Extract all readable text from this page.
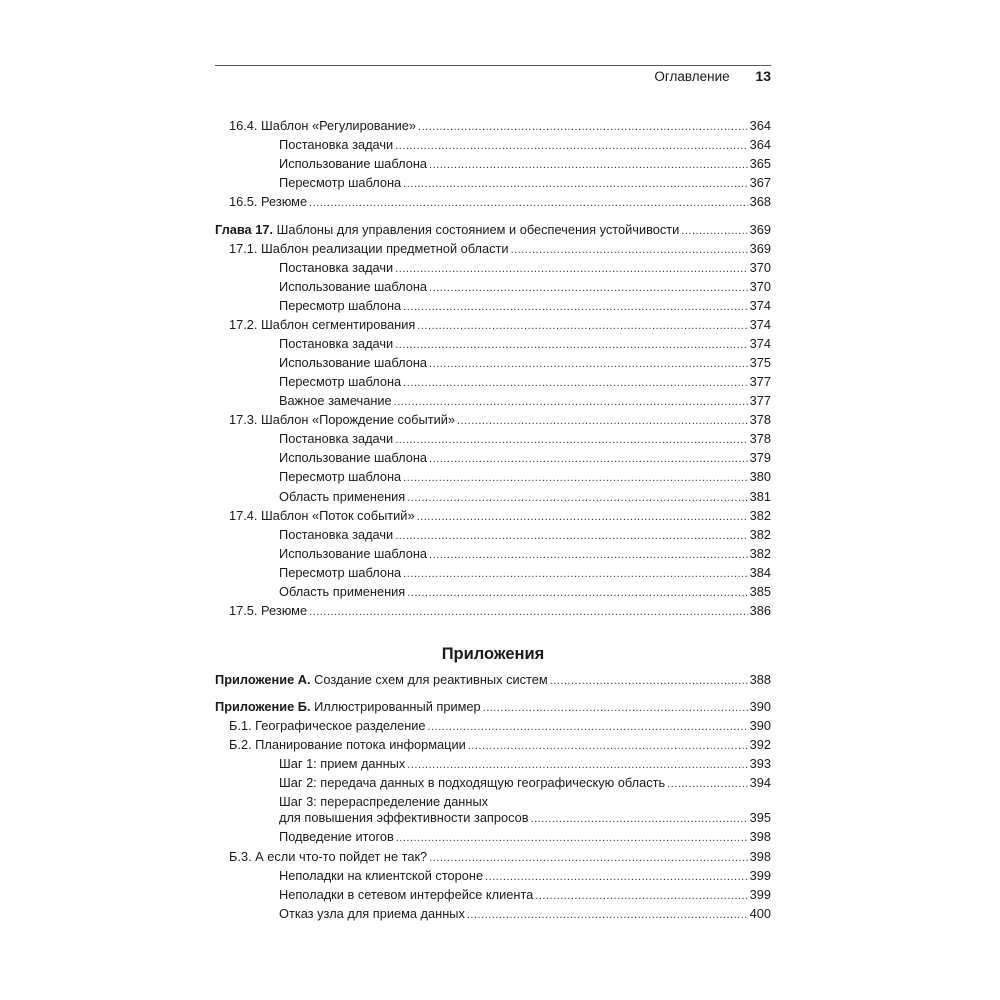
Оглавление 13
16.4. Шаблон «Регулирование» .....	364
Постановка задачи .....	364
Использование шаблона .....	365
Пересмотр шаблона .....	367
16.5. Резюме .....	368
Глава 17. Шаблоны для управления состоянием и обеспечения устойчивости .....	369
17.1. Шаблон реализации предметной области .....	369
Постановка задачи .....	370
Использование шаблона .....	370
Пересмотр шаблона .....	374
17.2. Шаблон сегментирования .....	374
Постановка задачи .....	374
Использование шаблона .....	375
Пересмотр шаблона .....	377
Важное замечание .....	377
17.3. Шаблон «Порождение событий» .....	378
Постановка задачи .....	378
Использование шаблона .....	379
Пересмотр шаблона .....	380
Область применения .....	381
17.4. Шаблон «Поток событий» .....	382
Постановка задачи .....	382
Использование шаблона .....	382
Пересмотр шаблона .....	384
Область применения .....	385
17.5. Резюме .....	386
Приложения
Приложение А. Создание схем для реактивных систем .....	388
Приложение Б. Иллюстрированный пример .....	390
Б.1. Географическое разделение .....	390
Б.2. Планирование потока информации .....	392
Шаг 1: прием данных .....	393
Шаг 2: передача данных в подходящую географическую область .....	394
Шаг 3: перераспределение данных
для повышения эффективности запросов .....	395
Подведение итогов .....	398
Б.3. А если что-то пойдет не так? .....	398
Неполадки на клиентской стороне .....	399
Неполадки в сетевом интерфейсе клиента .....	399
Отказ узла для приема данных .....	400
